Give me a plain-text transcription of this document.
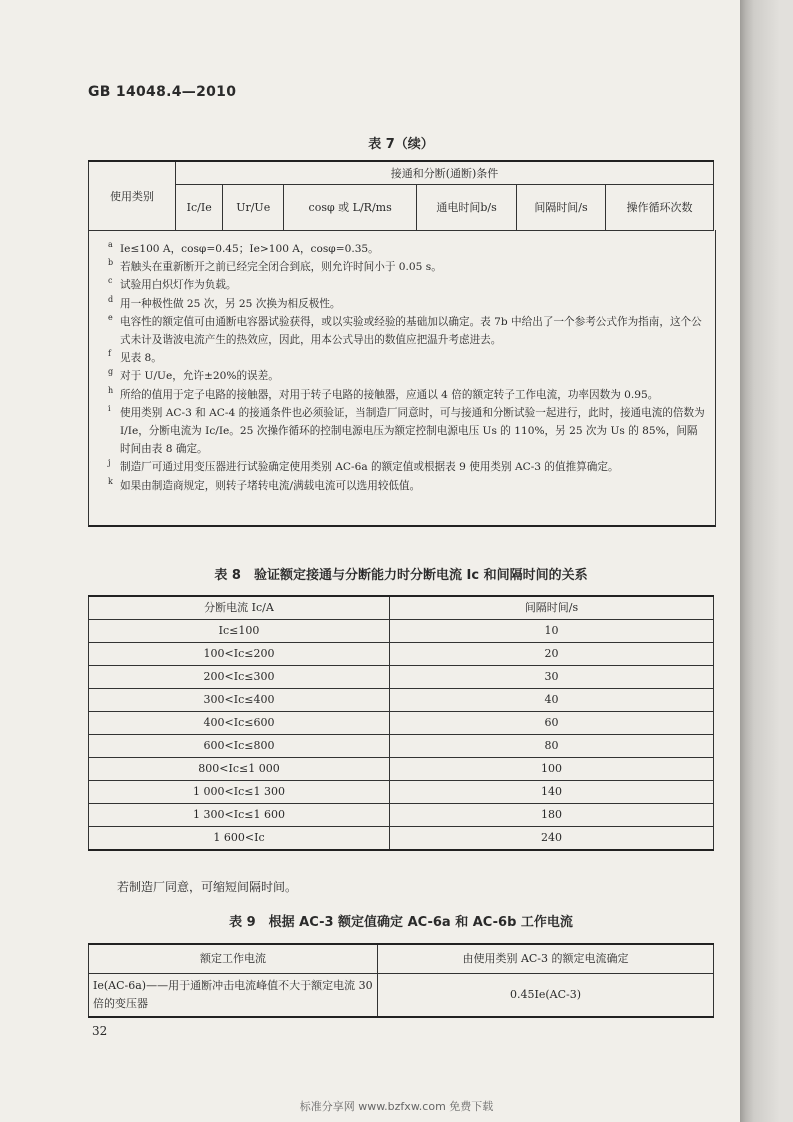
GB 14048.4—2010
表 7（续）
使用类别	接通和分断(通断)条件					
	Ic/Ie	Ur/Ue	cosφ 或 L/R/ms	通电时间b/s	间隔时间/s	操作循环次数
a Ie≤100 A，cosφ=0.45；Ie>100 A，cosφ=0.35。
b 若触头在重新断开之前已经完全闭合到底，则允许时间小于 0.05 s。
c 试验用白炽灯作为负载。
d 用一种极性做 25 次，另 25 次换为相反极性。
e 电容性的额定值可由通断电容器试验获得，或以实验或经验的基础加以确定。表 7b 中给出了一个参考公式作为指南，这个公式未计及谐波电流产生的热效应，因此，用本公式导出的数值应把温升考虑进去。
f 见表 8。
g 对于 U/Ue，允许±20%的误差。
h 所给的值用于定子电路的接触器，对用于转子电路的接触器，应通以 4 倍的额定转子工作电流，功率因数为 0.95。
i 使用类别 AC-3 和 AC-4 的接通条件也必须验证，当制造厂同意时，可与接通和分断试验一起进行，此时，接通电流的倍数为 I/Ie，分断电流为 Ic/Ie。25 次操作循环的控制电源电压为额定控制电源电压 Us 的 110%，另 25 次为 Us 的 85%，间隔时间由表 8 确定。
j 制造厂可通过用变压器进行试验确定使用类别 AC-6a 的额定值或根据表 9 使用类别 AC-3 的值推算确定。
k 如果由制造商规定，则转子堵转电流/满载电流可以选用较低值。
表 8　验证额定接通与分断能力时分断电流 Ic 和间隔时间的关系
分断电流 Ic/A	间隔时间/s
Ic≤100	10
100<Ic≤200	20
200<Ic≤300	30
300<Ic≤400	40
400<Ic≤600	60
600<Ic≤800	80
800<Ic≤1 000	100
1 000<Ic≤1 300	140
1 300<Ic≤1 600	180
1 600<Ic	240
若制造厂同意，可缩短间隔时间。
表 9　根据 AC-3 额定值确定 AC-6a 和 AC-6b 工作电流
额定工作电流	由使用类别 AC-3 的额定电流确定
Ie(AC-6a)——用于通断冲击电流峰值不大于额定电流 30 倍的变压器	0.45Ie(AC-3)
32
标准分享网 www.bzfxw.com 免费下载
